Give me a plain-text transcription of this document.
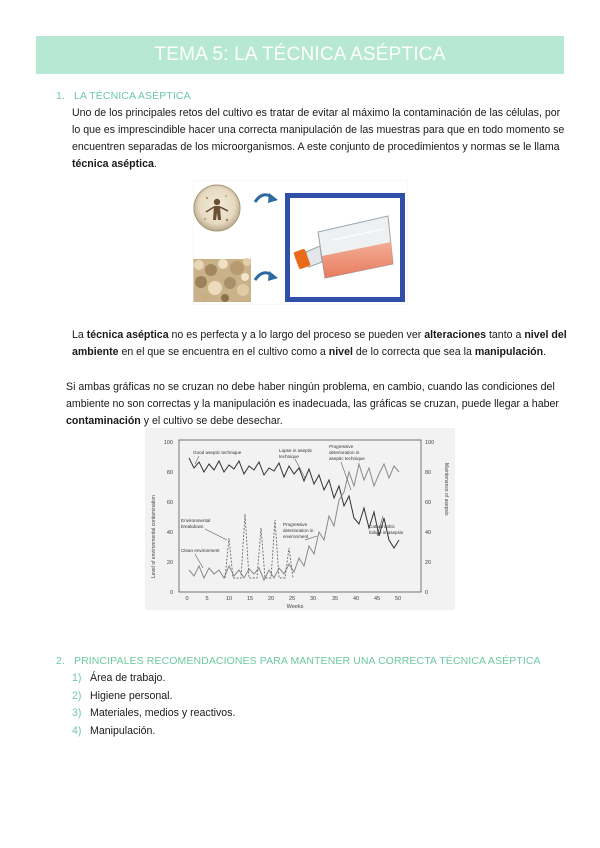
TEMA 5: LA TÉCNICA ASÉPTICA
1. LA TÉCNICA ASÉPTICA

Uno de los principales retos del cultivo es tratar de evitar al máximo la contaminación de las células, por lo que es imprescindible hacer una correcta manipulación de las muestras para que en todo momento se encuentren separadas de los microorganismos. A este conjunto de procedimientos y normas se le llama técnica aséptica.

La técnica aséptica no es perfecta y a lo largo del proceso se pueden ver alteraciones tanto a nivel del ambiente en el que se encuentra en el cultivo como a nivel de lo correcta que sea la manipulación.

Si ambas gráficas no se cruzan no debe haber ningún problema, en cambio, cuando las condiciones del ambiente no son correctas y la manipulación es inadecuada, las gráficas se cruzan, puede llegar a haber contaminación y el cultivo se debe desechar.

0
20
40
60
80
100
0
20
40
60
80
100
0	5	10	15	20	25	30	35	40	45	50
Weeks
Level of environmental contamination
Maintenance of asepsis
Good aseptic technique	Lapse in aseptic
technique
Progressive
deterioration in
aseptic technique
Environmental
breakdown	Progressive
deterioration in
environment
Catastrophic
failure in asepsis
Clean environment
2. PRINCIPALES RECOMENDACIONES PARA MANTENER UNA CORRECTA TÉCNICA ASÉPTICA
1) Área de trabajo.
2) Higiene personal.
3) Materiales, medios y reactivos.
4) Manipulación.
